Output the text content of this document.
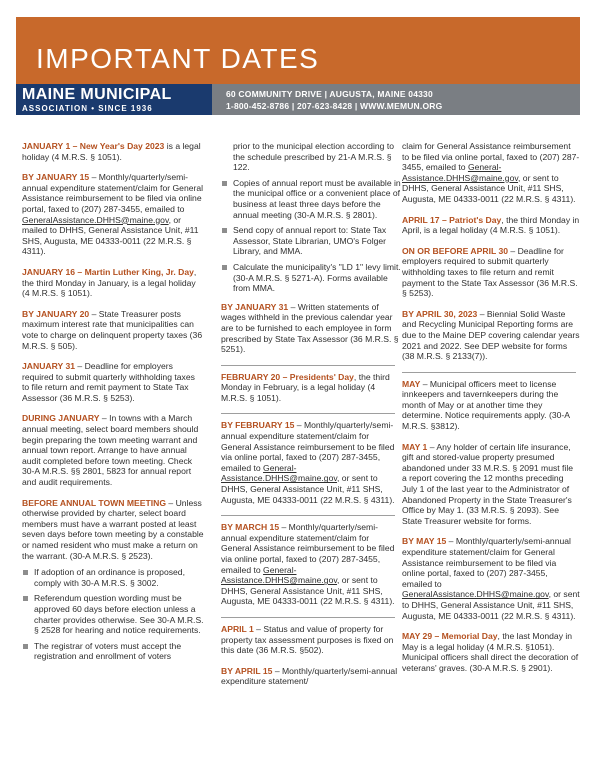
IMPORTANT DATES
MAINE MUNICIPAL
ASSOCIATION • SINCE 1936
60 COMMUNITY DRIVE | AUGUSTA, MAINE 04330
1-800-452-8786 | 207-623-8428 | WWW.MEMUN.ORG

JANUARY 1 – New Year's Day 2023 is a legal holiday (4 M.R.S. § 1051).

BY JANUARY 15 – Monthly/quarterly/semi-annual expenditure statement/claim for General Assistance reimbursement to be filed via online portal, faxed to (207) 287-3455, emailed to GeneralAssistance.DHHS@maine.gov, or mailed to DHHS, General Assistance Unit, #11 SHS, Augusta, ME 04333-0011 (22 M.R.S. § 4311).

JANUARY 16 – Martin Luther King, Jr. Day, the third Monday in January, is a legal holiday (4 M.R.S. § 1051).

BY JANUARY 20 – State Treasurer posts maximum interest rate that municipalities can vote to charge on delinquent property taxes (36 M.R.S. § 505).

JANUARY 31 – Deadline for employers required to submit quarterly withholding taxes to file return and remit payment to State Tax Assessor (36 M.R.S. § 5253).

DURING JANUARY – In towns with a March annual meeting, select board members should begin preparing the town meeting warrant and annual town report. Arrange to have annual audit completed before town meeting. Check 30-A M.R.S. §§ 2801, 5823 for annual report and audit requirements.

BEFORE ANNUAL TOWN MEETING – Unless otherwise provided by charter, select board members must have a warrant posted at least seven days before town meeting by a constable or named resident who must make a return on the warrant. (30-A M.R.S. § 2523).

If adoption of an ordinance is proposed, comply with 30-A M.R.S. § 3002.

Referendum question wording must be approved 60 days before election unless a charter provides otherwise. See 30-A M.R.S. § 2528 for hearing and notice requirements.

The registrar of voters must accept the registration and enrollment of voters

prior to the municipal election according to the schedule prescribed by 21-A M.R.S. § 122.

Copies of annual report must be available in the municipal office or a convenient place of business at least three days before the annual meeting (30-A M.R.S. § 2801).

Send copy of annual report to: State Tax Assessor, State Librarian, UMO's Folger Library, and MMA.

Calculate the municipality's "LD 1" levy limit. (30-A M.R.S. § 5271-A). Forms available from MMA.

BY JANUARY 31 – Written statements of wages withheld in the previous calendar year are to be furnished to each employee in form prescribed by State Tax Assessor (36 M.R.S. § 5251).

FEBRUARY 20 – Presidents' Day, the third Monday in February, is a legal holiday (4 M.R.S. § 1051).

BY FEBRUARY 15 – Monthly/quarterly/semi-annual expenditure statement/claim for General Assistance reimbursement to be filed via online portal, faxed to (207) 287-3455, emailed to General-Assistance.DHHS@maine.gov, or sent to DHHS, General Assistance Unit, #11 SHS, Augusta, ME 04333-0011 (22 M.R.S. § 4311).

BY MARCH 15 – Monthly/quarterly/semi-annual expenditure statement/claim for General Assistance reimbursement to be filed via online portal, faxed to (207) 287-3455, emailed to General-Assistance.DHHS@maine.gov, or sent to DHHS, General Assistance Unit, #11 SHS, Augusta, ME 04333-0011 (22 M.R.S. § 4311).

APRIL 1 – Status and value of property for property tax assessment purposes is fixed on this date (36 M.R.S. §502).

BY APRIL 15 – Monthly/quarterly/semi-annual expenditure statement/

claim for General Assistance reimbursement to be filed via online portal, faxed to (207) 287-3455, emailed to General-Assistance.DHHS@maine.gov, or sent to DHHS, General Assistance Unit, #11 SHS, Augusta, ME 04333-0011 (22 M.R.S. § 4311).

APRIL 17 – Patriot's Day, the third Monday in April, is a legal holiday (4 M.R.S. § 1051).

ON OR BEFORE APRIL 30 – Deadline for employers required to submit quarterly withholding taxes to file return and remit payment to the State Tax Assessor (36 M.R.S. § 5253).

BY APRIL 30, 2023 – Biennial Solid Waste and Recycling Municipal Reporting forms are due to the Maine DEP covering calendar years 2021 and 2022. See DEP website for forms (38 M.R.S. § 2133(7)).

MAY – Municipal officers meet to license innkeepers and tavernkeepers during the month of May or at another time they determine. Notice requirements apply. (30-A M.R.S. §3812).

MAY 1 – Any holder of certain life insurance, gift and stored-value property presumed abandoned under 33 M.R.S. § 2091 must file a report covering the 12 months preceding July 1 of the last year to the Administrator of Abandoned Property in the State Treasurer's Office by May 1. (33 M.R.S. § 2093). See State Treasurer website for forms.

BY MAY 15 – Monthly/quarterly/semi-annual expenditure statement/claim for General Assistance reimbursement to be filed via online portal, faxed to (207) 287-3455, emailed to GeneralAssistance.DHHS@maine.gov, or sent to DHHS, General Assistance Unit, #11 SHS, Augusta, ME 04333-0011 (22 M.R.S. § 4311).

MAY 29 – Memorial Day, the last Monday in May is a legal holiday (4 M.R.S. §1051). Municipal officers shall direct the decoration of veterans' graves. (30-A M.R.S. § 2901).
